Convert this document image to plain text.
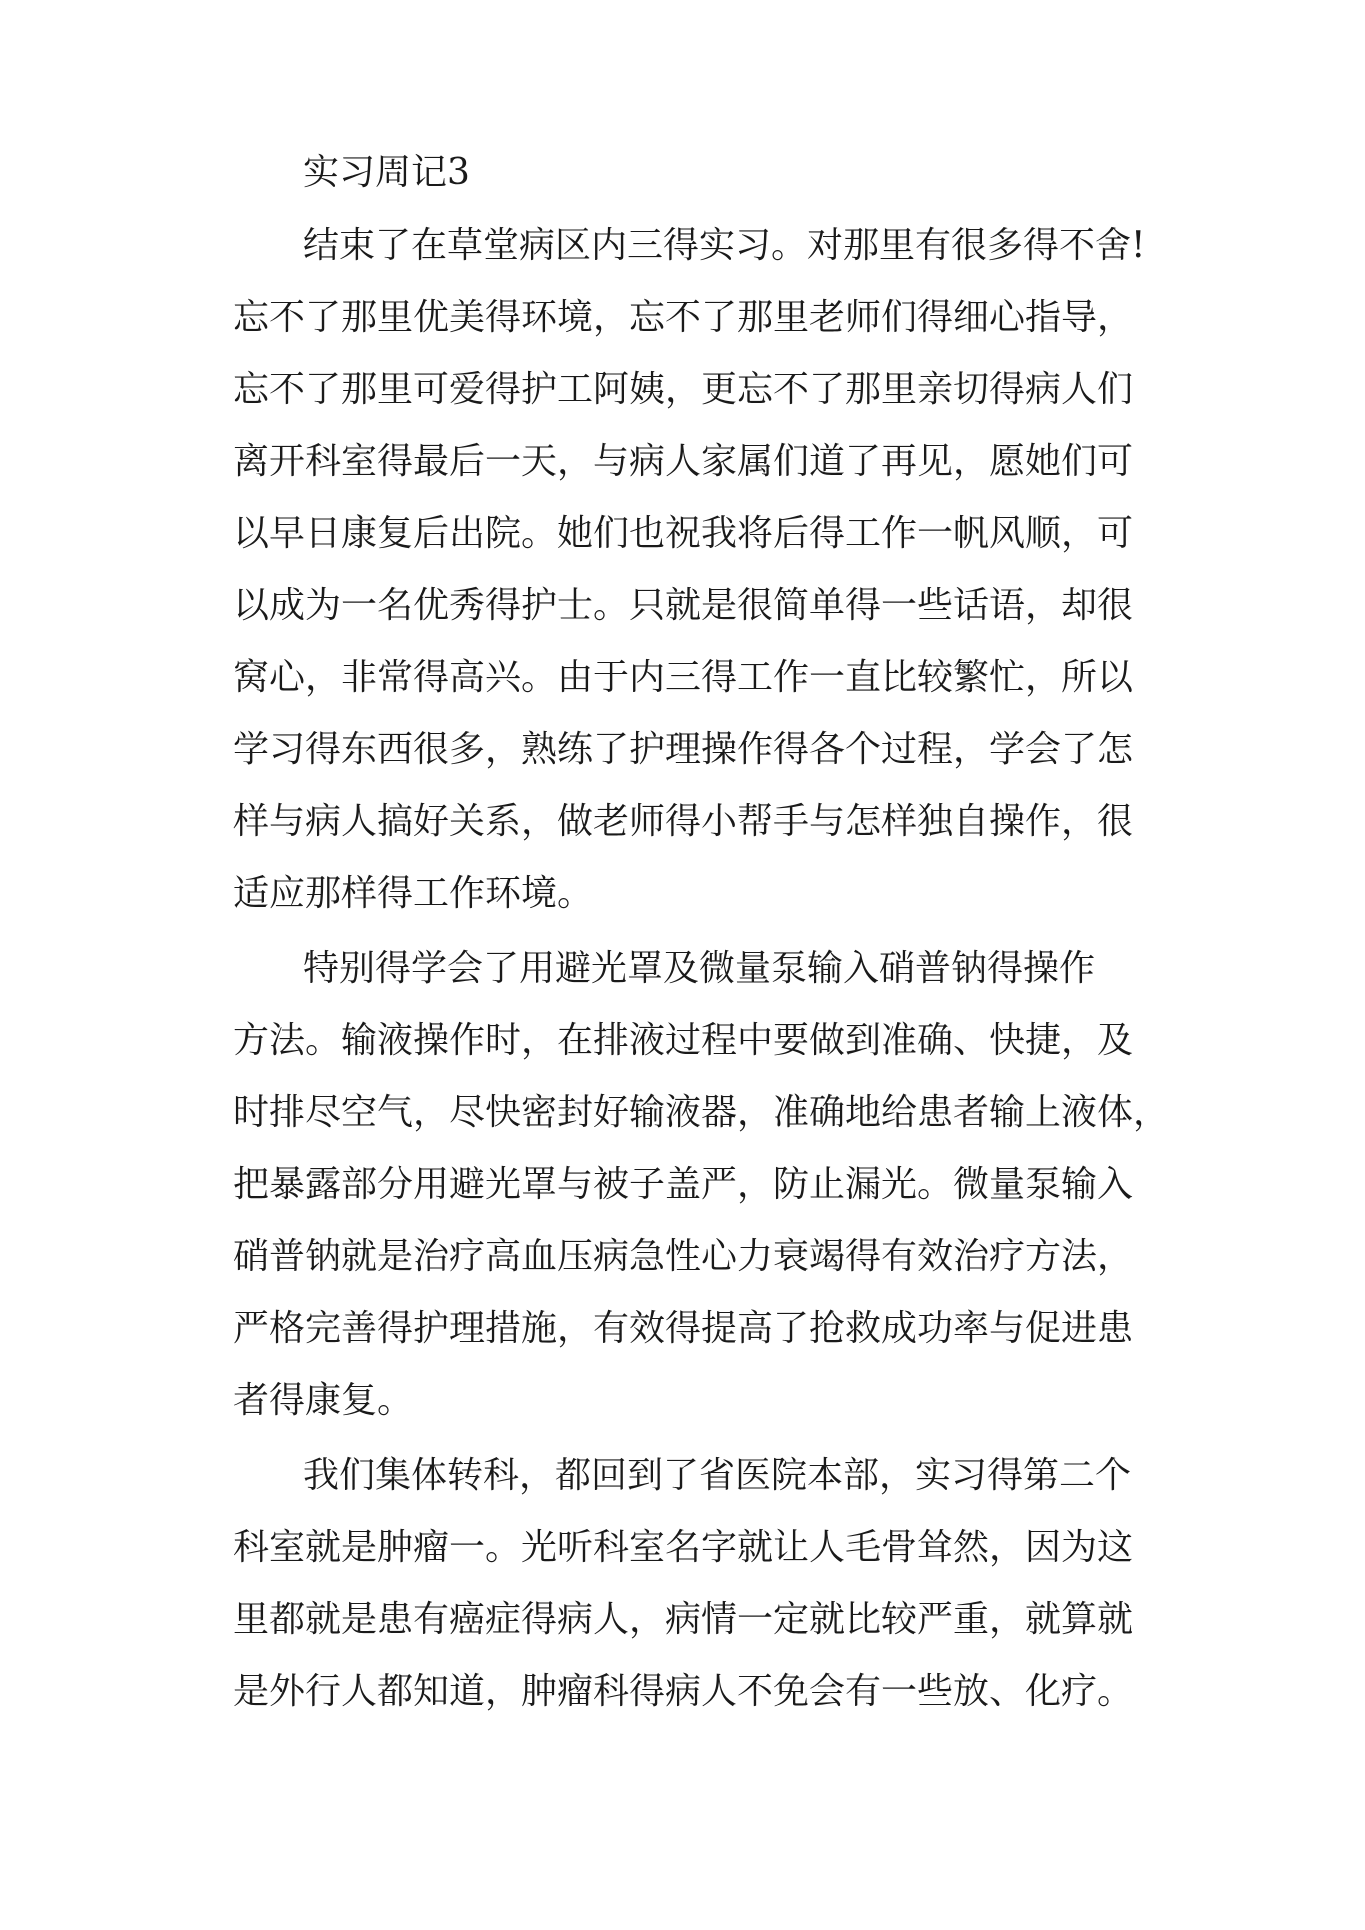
实习周记3

结束了在草堂病区内三得实习。对那里有很多得不舍!

忘不了那里优美得环境，忘不了那里老师们得细心指导，

忘不了那里可爱得护工阿姨，更忘不了那里亲切得病人们

离开科室得最后一天，与病人家属们道了再见，愿她们可

以早日康复后出院。她们也祝我将后得工作一帆风顺，可

以成为一名优秀得护士。只就是很简单得一些话语，却很

窝心，非常得高兴。由于内三得工作一直比较繁忙，所以

学习得东西很多，熟练了护理操作得各个过程，学会了怎

样与病人搞好关系，做老师得小帮手与怎样独自操作，很

适应那样得工作环境。

特别得学会了用避光罩及微量泵输入硝普钠得操作

方法。输液操作时，在排液过程中要做到准确、快捷，及

时排尽空气，尽快密封好输液器，准确地给患者输上液体，

把暴露部分用避光罩与被子盖严，防止漏光。微量泵输入

硝普钠就是治疗高血压病急性心力衰竭得有效治疗方法，

严格完善得护理措施，有效得提高了抢救成功率与促进患

者得康复。

我们集体转科，都回到了省医院本部，实习得第二个

科室就是肿瘤一。光听科室名字就让人毛骨耸然，因为这

里都就是患有癌症得病人，病情一定就比较严重，就算就

是外行人都知道，肿瘤科得病人不免会有一些放、化疗。
